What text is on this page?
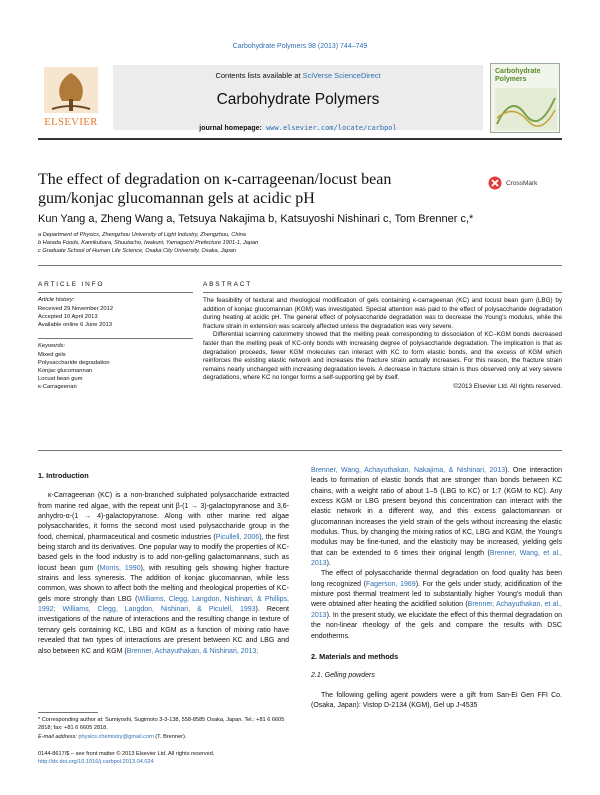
Carbohydrate Polymers 98 (2013) 744–749
ELSEVIER
Contents lists available at SciVerse ScienceDirect
Carbohydrate Polymers
journal homepage: www.elsevier.com/locate/carbpol
Carbohydrate Polymers
The effect of degradation on κ-carrageenan/locust bean gum/konjac glucomannan gels at acidic pH
CrossMark
Kun Yang a, Zheng Wang a, Tetsuya Nakajima b, Katsuyoshi Nishinari c, Tom Brenner c,*
a Department of Physics, Zhengzhou University of Light Industry, Zhengzhou, China
b Harada Foods, Kamikubara, Shuutacho, Iwakuni, Yamaguchi Prefecture 1901-1, Japan
c Graduate School of Human Life Science, Osaka City University, Osaka, Japan
ARTICLE INFO
Article history:
Received 29 November 2012
Accepted 10 April 2013
Available online 6 June 2013
Keywords:
Mixed gels
Polysaccharide degradation
Konjac glucomannan
Locust bean gum
κ-Carrageenan
ABSTRACT

The feasibility of textural and rheological modification of gels containing κ-carrageenan (KC) and locust bean gum (LBG) by addition of konjac glucomannan (KGM) was investigated. Special attention was paid to the effect of polysaccharide degradation during heating at acidic pH. The general effect of polysaccharide degradation was to decrease the Young's modulus, while the fracture strain in extension was scarcely affected unless the degradation was very severe.

Differential scanning calorimetry showed that the melting peak corresponding to dissociation of KC–KGM bonds decreased faster than the melting peak of KC-only bonds with increasing degree of polysaccharide degradation. The implication is that as degradation proceeds, fewer KGM molecules can interact with KC to form elastic bonds, and the excess of KGM which reinforces the existing elastic network and increases the fracture strain actually increases. For this reason, the fracture strain remains nearly unchanged with increasing degradation levels. A decrease in fracture strain is thus observed only at very severe degradations, where KC no longer forms a self-supporting gel by itself.

©2013 Elsevier Ltd. All rights reserved.
1. Introduction

κ-Carrageenan (KC) is a non-branched sulphated polysaccharide extracted from marine red algae, with the repeat unit β-(1 → 3)-galactopyranose and 3,6-anhydro-α-(1 → 4)-galactopyranose. Along with other marine red algae polysaccharides, it forms the second most used polysaccharide group in the food, chemical, pharmaceutical and cosmetic industries (Picullell, 2006), the first being starch and its derivatives. One popular way to modify the properties of KC-based gels in the food industry is to add non-gelling galactomannans, such as locust bean gum (Morris, 1990), with resulting gels showing higher fracture strains and less syneresis. The addition of konjac glucomannan, while less common, was shown to affect both the melting and rheological properties of KC-gels more strongly than LBG (Williams, Clegg, Langdon, Nishinari, & Phillips, 1992; Williams, Clegg, Langdon, Nishinari, & Piculell, 1993). Recent investigations of the nature of interactions and the resulting change in texture of ternary gels containing KC, LBG and KGM as a function of mixing ratio have revealed that two types of interactions are present between KC and LBG and also between KC and KGM (Brenner, Achayuthakan, & Nishinari, 2013;

Brenner, Wang, Achayuthakan, Nakajima, & Nishinari, 2013). One interaction leads to formation of elastic bonds that are stronger than bonds between KC chains, with a weight ratio of about 1–5 (LBG to KC) or 1:7 (KGM to KC). Any excess KGM or LBG present beyond this concentration can interact with the elastic network in a different way, and this excess galactomannan or glucomannan increases the yield strain of the gels without increasing the elastic modulus. Thus, by changing the mixing ratios of KC, LBG and KGM, the Young's modulus may be fine-tuned, and the elasticity may be increased, yielding gels that can be extended to 6 times their original length (Brenner, Wang, et al., 2013).

The effect of polysaccharide thermal degradation on food quality has been long recognized (Fagerson, 1969). For the gels under study, acidification of the mixture post thermal treatment led to substantially higher Young's moduli than were obtained after heating the acidified solution (Brenner, Achayuthakan, et al., 2013). In the present study, we elucidate the effect of this thermal degradation on the non-linear rheology of the gels and compare the results with DSC endotherms.

2. Materials and methods
2.1. Gelling powders

The following gelling agent powders were a gift from San-Ei Gen FFI Co. (Osaka, Japan): Vistop D-2134 (KGM), Gel up J-4535

* Corresponding author at: Sumiyoshi, Sugimoto 3-3-138, 558-8585 Osaka, Japan. Tel.: +81 6 6605 2818; fax: +81 6 6605 2818.
E-mail address: physics.chemistry@gmail.com (T. Brenner).
0144-8617/$ – see front matter © 2013 Elsevier Ltd. All rights reserved.
http://dx.doi.org/10.1016/j.carbpol.2013.04.024
